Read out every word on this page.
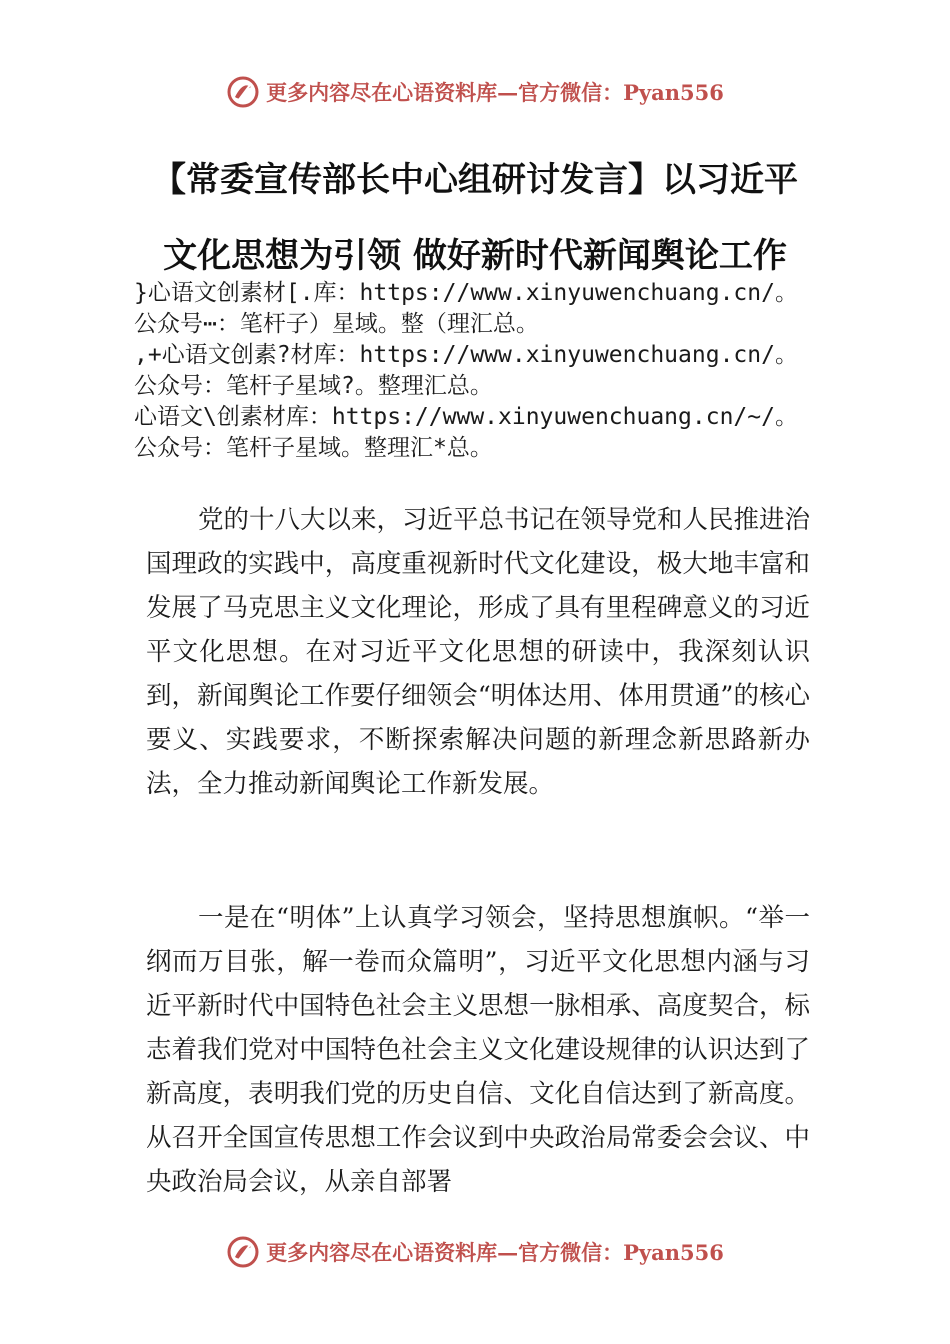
更多内容尽在心语资料库—官方微信：Pyan556
【常委宣传部长中心组研讨发言】以习近平
文化思想为引领 做好新时代新闻舆论工作
}心语文创素材[.库：https://www.xinyuwenchuang.cn/。
公众号⋯：笔杆子）星域。整（理汇总。
,+心语文创素?材库：https://www.xinyuwenchuang.cn/。
公众号：笔杆子星域?。整理汇总。
心语文\创素材库：https://www.xinyuwenchuang.cn/~/。
公众号：笔杆子星域。整理汇*总。

党的十八大以来，习近平总书记在领导党和人民推进治国理政的实践中，高度重视新时代文化建设，极大地丰富和发展了马克思主义文化理论，形成了具有里程碑意义的习近平文化思想。在对习近平文化思想的研读中，我深刻认识到，新闻舆论工作要仔细领会“明体达用、体用贯通”的核心要义、实践要求，不断探索解决问题的新理念新思路新办法，全力推动新闻舆论工作新发展。

一是在“明体”上认真学习领会，坚持思想旗帜。“举一纲而万目张，解一卷而众篇明”，习近平文化思想内涵与习近平新时代中国特色社会主义思想一脉相承、高度契合，标志着我们党对中国特色社会主义文化建设规律的认识达到了新高度，表明我们党的历史自信、文化自信达到了新高度。从召开全国宣传思想工作会议到中央政治局常委会会议、中央政治局会议，从亲自部署

更多内容尽在心语资料库—官方微信：Pyan556
